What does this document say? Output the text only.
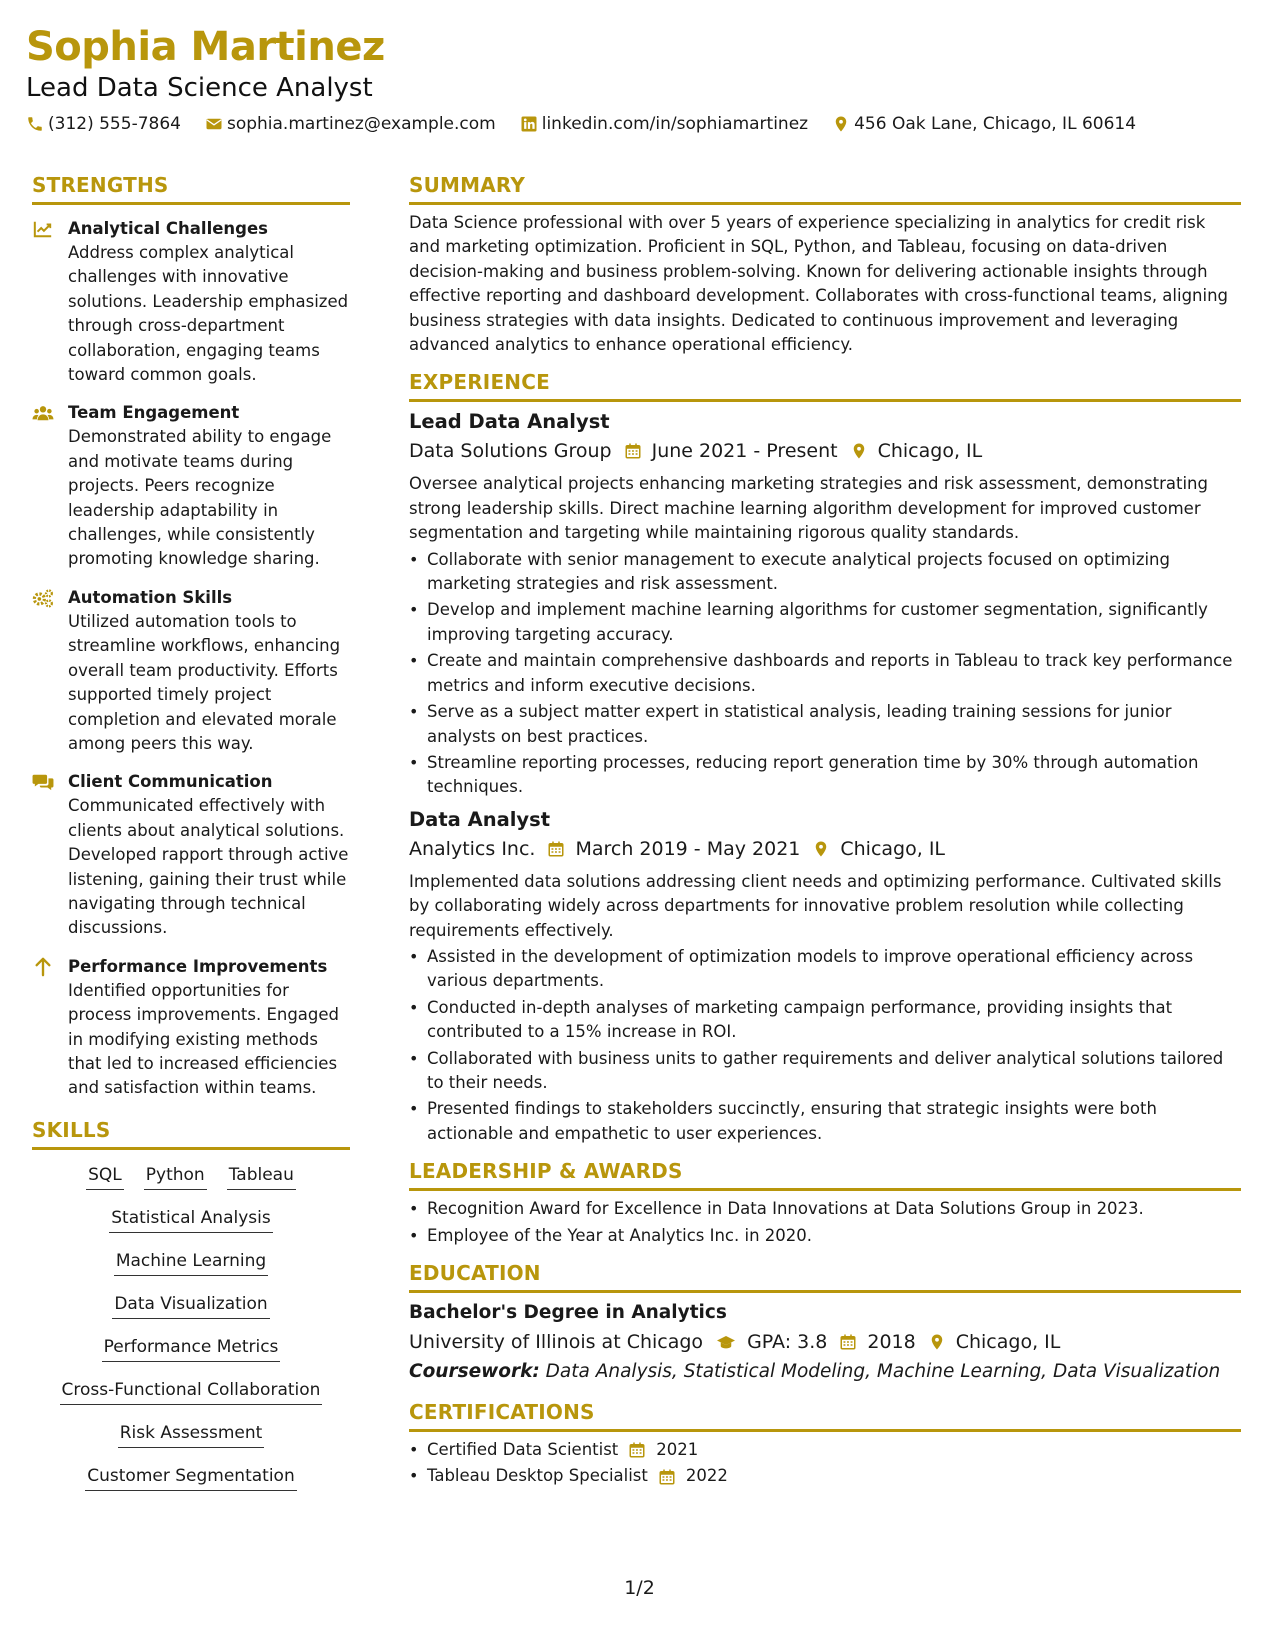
Sophia Martinez
Lead Data Science Analyst
(312) 555-7864	sophia.martinez@example.com	linkedin.com/in/sophiamartinez	456 Oak Lane, Chicago, IL 60614
STRENGTHS
Analytical Challenges
Address complex analytical challenges with innovative solutions. Leadership emphasized through cross-department collaboration, engaging teams toward common goals.
Team Engagement
Demonstrated ability to engage and motivate teams during projects. Peers recognize leadership adaptability in challenges, while consistently promoting knowledge sharing.
Automation Skills
Utilized automation tools to streamline workflows, enhancing overall team productivity. Efforts supported timely project completion and elevated morale among peers this way.
Client Communication
Communicated effectively with clients about analytical solutions. Developed rapport through active listening, gaining their trust while navigating through technical discussions.
Performance Improvements
Identified opportunities for process improvements. Engaged in modifying existing methods that led to increased efficiencies and satisfaction within teams.
SKILLS
SQL Python Tableau
Statistical Analysis
Machine Learning
Data Visualization
Performance Metrics
Cross-Functional Collaboration
Risk Assessment
Customer Segmentation
SUMMARY
Data Science professional with over 5 years of experience specializing in analytics for credit risk and marketing optimization. Proficient in SQL, Python, and Tableau, focusing on data-driven decision-making and business problem-solving. Known for delivering actionable insights through effective reporting and dashboard development. Collaborates with cross-functional teams, aligning business strategies with data insights. Dedicated to continuous improvement and leveraging advanced analytics to enhance operational efficiency.
EXPERIENCE
Lead Data Analyst
Data Solutions Group June 2021 - Present Chicago, IL
Oversee analytical projects enhancing marketing strategies and risk assessment, demonstrating strong leadership skills. Direct machine learning algorithm development for improved customer segmentation and targeting while maintaining rigorous quality standards.
• Collaborate with senior management to execute analytical projects focused on optimizing marketing strategies and risk assessment.
• Develop and implement machine learning algorithms for customer segmentation, significantly improving targeting accuracy.
• Create and maintain comprehensive dashboards and reports in Tableau to track key performance metrics and inform executive decisions.
• Serve as a subject matter expert in statistical analysis, leading training sessions for junior analysts on best practices.
• Streamline reporting processes, reducing report generation time by 30% through automation techniques.
Data Analyst
Analytics Inc. March 2019 - May 2021 Chicago, IL
Implemented data solutions addressing client needs and optimizing performance. Cultivated skills by collaborating widely across departments for innovative problem resolution while collecting requirements effectively.
• Assisted in the development of optimization models to improve operational efficiency across various departments.
• Conducted in-depth analyses of marketing campaign performance, providing insights that contributed to a 15% increase in ROI.
• Collaborated with business units to gather requirements and deliver analytical solutions tailored to their needs.
• Presented findings to stakeholders succinctly, ensuring that strategic insights were both actionable and empathetic to user experiences.
LEADERSHIP & AWARDS
• Recognition Award for Excellence in Data Innovations at Data Solutions Group in 2023.
• Employee of the Year at Analytics Inc. in 2020.
EDUCATION
Bachelor's Degree in Analytics
University of Illinois at Chicago GPA: 3.8 2018 Chicago, IL
Coursework: Data Analysis, Statistical Modeling, Machine Learning, Data Visualization
CERTIFICATIONS
• Certified Data Scientist 2021
• Tableau Desktop Specialist 2022
1/2
